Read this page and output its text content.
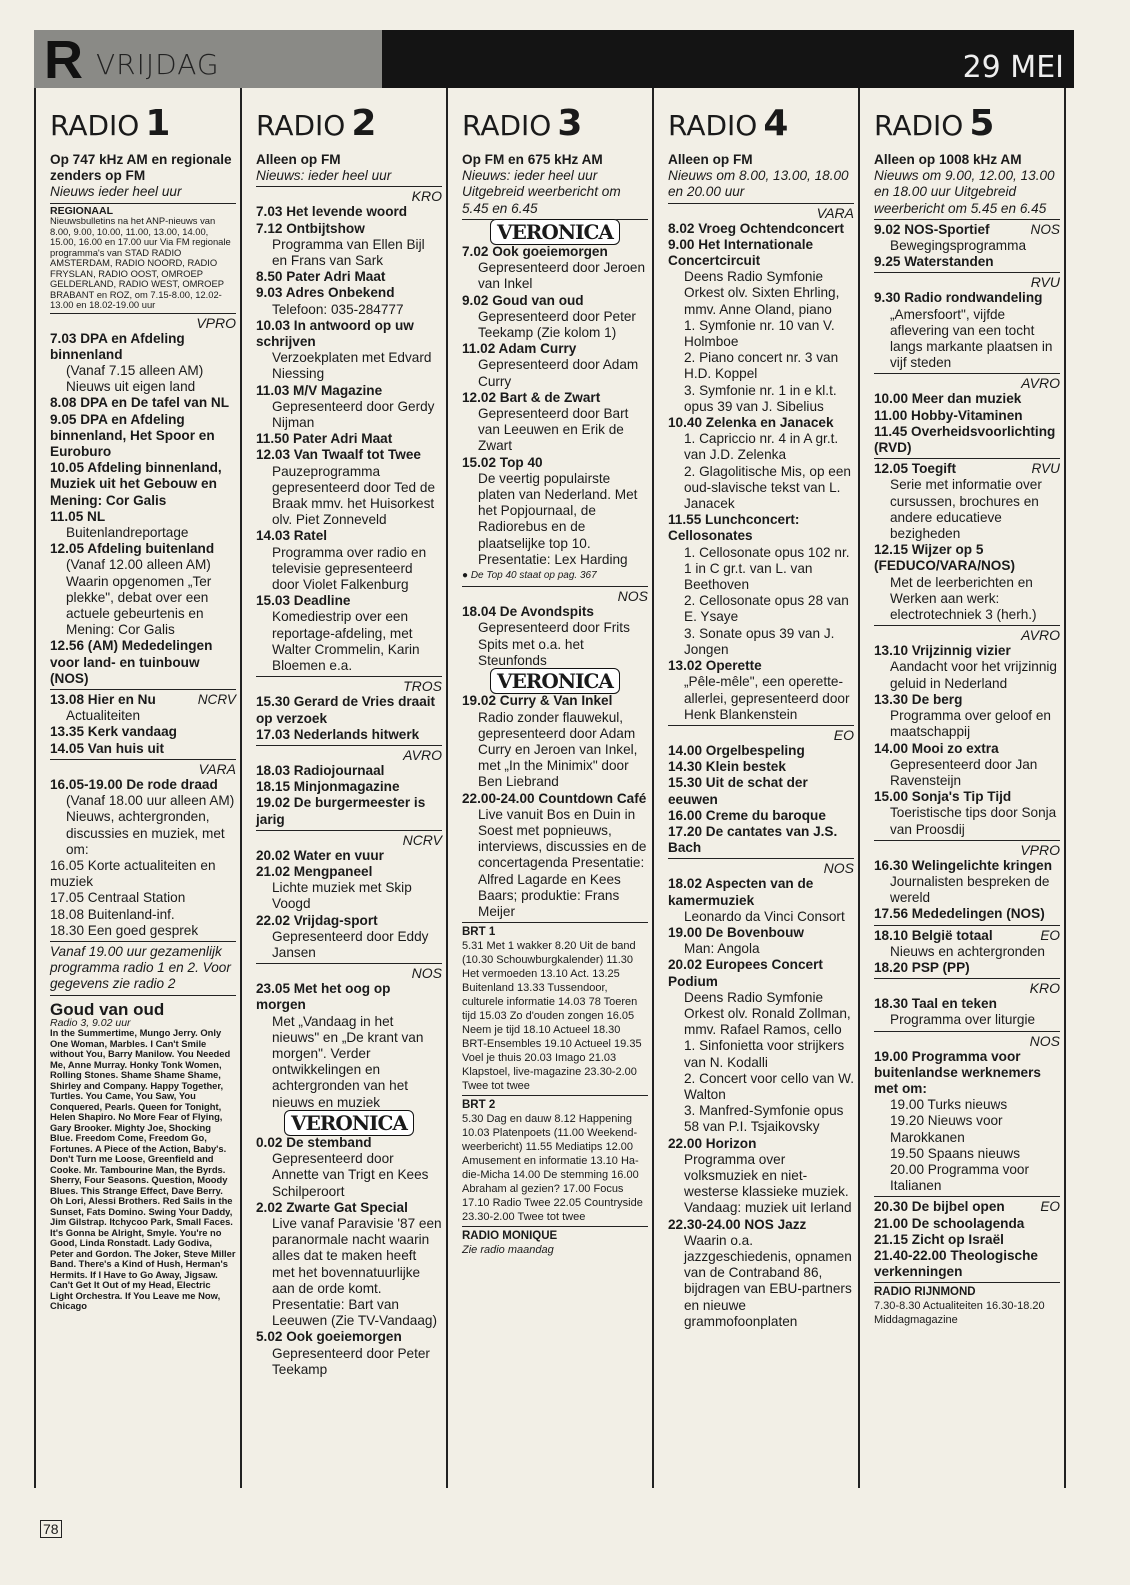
R VRIJDAG	29 MEI
RADIO 1
Op 747 kHz AM en regionale zenders op FM
Nieuws ieder heel uur
REGIONAAL
Nieuwsbulletins na het ANP-nieuws van 8.00, 9.00, 10.00, 11.00, 13.00, 14.00, 15.00, 16.00 en 17.00 uur Via FM regionale programma's van STAD RADIO AMSTERDAM, RADIO NOORD, RADIO FRYSLAN, RADIO OOST, OMROEP GELDERLAND, RADIO WEST, OMROEP BRABANT en ROZ, om 7.15-8.00, 12.02-13.00 en 18.02-19.00 uur
VPRO
7.03 DPA en Afdeling binnenland
(Vanaf 7.15 alleen AM) Nieuws uit eigen land
8.08 DPA en De tafel van NL
9.05 DPA en Afdeling binnenland, Het Spoor en Euroburo
10.05 Afdeling binnenland, Muziek uit het Gebouw en Mening: Cor Galis
11.05 NL
Buitenlandreportage
12.05 Afdeling buitenland
(Vanaf 12.00 alleen AM) Waarin opgenomen „Ter plekke", debat over een actuele gebeurtenis en Mening: Cor Galis
12.56 (AM) Mededelingen voor land- en tuinbouw (NOS)
13.08 Hier en Nu	NCRV
Actualiteiten
13.35 Kerk vandaag
14.05 Van huis uit
VARA
16.05-19.00 De rode draad
(Vanaf 18.00 uur alleen AM) Nieuws, achtergronden, discussies en muziek, met om:
16.05 Korte actualiteiten en muziek
17.05 Centraal Station
18.08 Buitenland-inf.
18.30 Een goed gesprek
Vanaf 19.00 uur gezamenlijk programma radio 1 en 2. Voor gegevens zie radio 2
Goud van oud
Radio 3, 9.02 uur
In the Summertime, Mungo Jerry. Only One Woman, Marbles. I Can't Smile without You, Barry Manilow. You Needed Me, Anne Murray. Honky Tonk Women, Rolling Stones. Shame Shame Shame, Shirley and Company. Happy Together, Turtles. You Came, You Saw, You Conquered, Pearls. Queen for Tonight, Helen Shapiro. No More Fear of Flying, Gary Brooker. Mighty Joe, Shocking Blue. Freedom Come, Freedom Go, Fortunes. A Piece of the Action, Baby's. Don't Turn me Loose, Greenfield and Cooke. Mr. Tambourine Man, the Byrds. Sherry, Four Seasons. Question, Moody Blues. This Strange Effect, Dave Berry. Oh Lori, Alessi Brothers. Red Sails in the Sunset, Fats Domino. Swing Your Daddy, Jim Gilstrap. Itchycoo Park, Small Faces. It's Gonna be Alright, Smyle. You're no Good, Linda Ronstadt. Lady Godiva, Peter and Gordon. The Joker, Steve Miller Band. There's a Kind of Hush, Herman's Hermits. If I Have to Go Away, Jigsaw. Can't Get It Out of my Head, Electric Light Orchestra. If You Leave me Now, Chicago
RADIO 2
Alleen op FM
Nieuws: ieder heel uur
KRO
7.03 Het levende woord
7.12 Ontbijtshow
Programma van Ellen Bijl en Frans van Sark
8.50 Pater Adri Maat
9.03 Adres Onbekend
Telefoon: 035-284777
10.03 In antwoord op uw schrijven
Verzoekplaten met Edvard Niessing
11.03 M/V Magazine
Gepresenteerd door Gerdy Nijman
11.50 Pater Adri Maat
12.03 Van Twaalf tot Twee
Pauzeprogramma gepresenteerd door Ted de Braak mmv. het Huisorkest olv. Piet Zonneveld
14.03 Ratel
Programma over radio en televisie gepresenteerd door Violet Falkenburg
15.03 Deadline
Komediestrip over een reportage-afdeling, met Walter Crommelin, Karin Bloemen e.a.
TROS
15.30 Gerard de Vries draait op verzoek
17.03 Nederlands hitwerk
AVRO
18.03 Radiojournaal
18.15 Minjonmagazine
19.02 De burgermeester is jarig
NCRV
20.02 Water en vuur
21.02 Mengpaneel
Lichte muziek met Skip Voogd
22.02 Vrijdag-sport
Gepresenteerd door Eddy Jansen
NOS
23.05 Met het oog op morgen
Met „Vandaag in het nieuws" en „De krant van morgen". Verder ontwikkelingen en achtergronden van het nieuws en muziek
VERONICA
0.02 De stemband
Gepresenteerd door Annette van Trigt en Kees Schilperoort
2.02 Zwarte Gat Special
Live vanaf Paravisie '87 een paranormale nacht waarin alles dat te maken heeft met het bovennatuurlijke aan de orde komt. Presentatie: Bart van Leeuwen (Zie TV-Vandaag)
5.02 Ook goeiemorgen
Gepresenteerd door Peter Teekamp
RADIO 3
Op FM en 675 kHz AM
Nieuws: ieder heel uur Uitgebreid weerbericht om 5.45 en 6.45
VERONICA
7.02 Ook goeiemorgen
Gepresenteerd door Jeroen van Inkel
9.02 Goud van oud
Gepresenteerd door Peter Teekamp (Zie kolom 1)
11.02 Adam Curry
Gepresenteerd door Adam Curry
12.02 Bart & de Zwart
Gepresenteerd door Bart van Leeuwen en Erik de Zwart
15.02 Top 40
De veertig populairste platen van Nederland. Met het Popjournaal, de Radiorebus en de plaatselijke top 10. Presentatie: Lex Harding
● De Top 40 staat op pag. 367
NOS
18.04 De Avondspits
Gepresenteerd door Frits Spits met o.a. het Steunfonds
VERONICA
19.02 Curry & Van Inkel
Radio zonder flauwekul, gepresenteerd door Adam Curry en Jeroen van Inkel, met „In the Minimix" door Ben Liebrand
22.00-24.00 Countdown Café
Live vanuit Bos en Duin in Soest met popnieuws, interviews, discussies en de concertagenda Presentatie: Alfred Lagarde en Kees Baars; produktie: Frans Meijer
BRT 1
5.31 Met 1 wakker 8.20 Uit de band (10.30 Schouwburgkalender) 11.30 Het vermoeden 13.10 Act. 13.25 Buitenland 13.33 Tussendoor, culturele informatie 14.03 78 Toeren tijd 15.03 Zo d'ouden zongen 16.05 Neem je tijd 18.10 Actueel 18.30 BRT-Ensembles 19.10 Actueel 19.35 Voel je thuis 20.03 Imago 21.03 Klapstoel, live-magazine 23.30-2.00 Twee tot twee
BRT 2
5.30 Dag en dauw 8.12 Happening 10.03 Platenpoets (11.00 Weekend-weerbericht) 11.55 Mediatips 12.00 Amusement en informatie 13.10 Ha-die-Micha 14.00 De stemming 16.00 Abraham al gezien? 17.00 Focus 17.10 Radio Twee 22.05 Countryside 23.30-2.00 Twee tot twee
RADIO MONIQUE
Zie radio maandag
RADIO 4
Alleen op FM
Nieuws om 8.00, 13.00, 18.00 en 20.00 uur
VARA
8.02 Vroeg Ochtendconcert
9.00 Het Internationale Concertcircuit
Deens Radio Symfonie Orkest olv. Sixten Ehrling, mmv. Anne Oland, piano
1. Symfonie nr. 10 van V. Holmboe
2. Piano concert nr. 3 van H.D. Koppel
3. Symfonie nr. 1 in e kl.t. opus 39 van J. Sibelius
10.40 Zelenka en Janacek
1. Capriccio nr. 4 in A gr.t. van J.D. Zelenka
2. Glagolitische Mis, op een oud-slavische tekst van L. Janacek
11.55 Lunchconcert: Cellosonates
1. Cellosonate opus 102 nr. 1 in C gr.t. van L. van Beethoven
2. Cellosonate opus 28 van E. Ysaye
3. Sonate opus 39 van J. Jongen
13.02 Operette
„Pêle-mêle", een operette-allerlei, gepresenteerd door Henk Blankenstein
EO
14.00 Orgelbespeling
14.30 Klein bestek
15.30 Uit de schat der eeuwen
16.00 Creme du baroque
17.20 De cantates van J.S. Bach
NOS
18.02 Aspecten van de kamermuziek
Leonardo da Vinci Consort
19.00 De Bovenbouw
Man: Angola
20.02 Europees Concert Podium
Deens Radio Symfonie Orkest olv. Ronald Zollman, mmv. Rafael Ramos, cello
1. Sinfonietta voor strijkers van N. Kodalli
2. Concert voor cello van W. Walton
3. Manfred-Symfonie opus 58 van P.I. Tsjaikovsky
22.00 Horizon
Programma over volksmuziek en niet-westerse klassieke muziek. Vandaag: muziek uit Ierland
22.30-24.00 NOS Jazz
Waarin o.a. jazzgeschiedenis, opnamen van de Contraband 86, bijdragen van EBU-partners en nieuwe grammofoonplaten
RADIO 5
Alleen op 1008 kHz AM
Nieuws om 9.00, 12.00, 13.00 en 18.00 uur Uitgebreid weerbericht om 5.45 en 6.45
9.02 NOS-Sportief	NOS
Bewegingsprogramma
9.25 Waterstanden
RVU
9.30 Radio rondwandeling
„Amersfoort", vijfde aflevering van een tocht langs markante plaatsen in vijf steden
AVRO
10.00 Meer dan muziek
11.00 Hobby-Vitaminen
11.45 Overheidsvoorlichting (RVD)
12.05 Toegift	RVU
Serie met informatie over cursussen, brochures en andere educatieve bezigheden
12.15 Wijzer op 5 (FEDUCO/VARA/NOS)
Met de leerberichten en Werken aan werk: electrotechniek 3 (herh.)
AVRO
13.10 Vrijzinnig vizier
Aandacht voor het vrijzinnig geluid in Nederland
13.30 De berg
Programma over geloof en maatschappij
14.00 Mooi zo extra
Gepresenteerd door Jan Ravensteijn
15.00 Sonja's Tip Tijd
Toeristische tips door Sonja van Proosdij
VPRO
16.30 Welingelichte kringen
Journalisten bespreken de wereld
17.56 Mededelingen (NOS)
18.10 België totaal	EO
Nieuws en achtergronden
18.20 PSP (PP)
KRO
18.30 Taal en teken
Programma over liturgie
NOS
19.00 Programma voor buitenlandse werknemers met om:
19.00 Turks nieuws
19.20 Nieuws voor Marokkanen
19.50 Spaans nieuws
20.00 Programma voor Italianen
20.30 De bijbel open	EO
21.00 De schoolagenda
21.15 Zicht op Israël
21.40-22.00 Theologische verkenningen
RADIO RIJNMOND
7.30-8.30 Actualiteiten 16.30-18.20 Middagmagazine
78
